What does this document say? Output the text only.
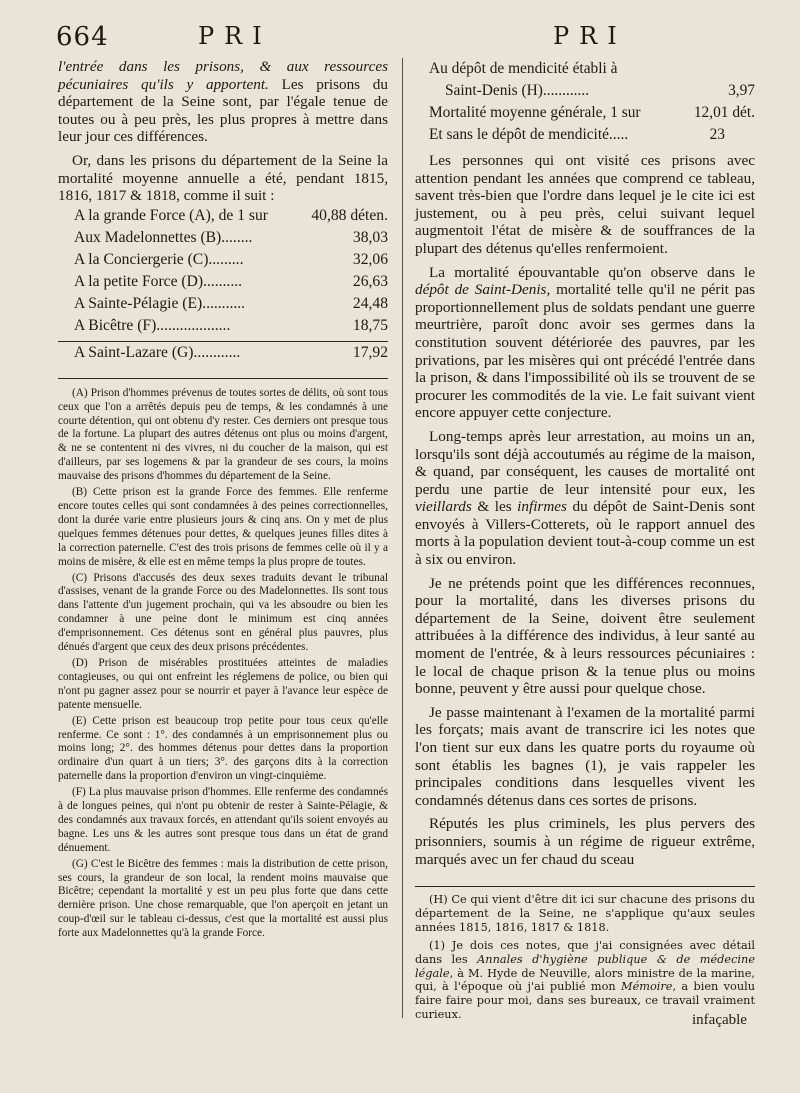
664	PRI	PRI

l'entrée dans les prisons, & aux ressources pécuniaires qu'ils y apportent. Les prisons du département de la Seine sont, par l'égale tenue de toutes ou à peu près, les plus propres à mettre dans leur jour ces différences.

Or, dans les prisons du département de la Seine la mortalité moyenne annuelle a été, pendant 1815, 1816, 1817 & 1818, comme il suit :

A la grande Force (A), de 1 sur	40,88 déten.
Aux Madelonnettes (B)........	38,03
A la Conciergerie (C).........	32,06
A la petite Force (D)..........	26,63
A Sainte-Pélagie (E)...........	24,48
A Bicêtre (F)...................	18,75
A Saint-Lazare (G)............	17,92

(A) Prison d'hommes prévenus de toutes sortes de délits, où sont tous ceux que l'on a arrêtés depuis peu de temps, & les condamnés à une courte détention, qui ont obtenu d'y rester. Ces derniers ont presque tous de la fortune. La plupart des autres détenus ont plus ou moins d'argent, & ne se contentent ni des vivres, ni du coucher de la maison, qui est d'ailleurs, par ses logemens & par la grandeur de ses cours, la moins mauvaise des prisons d'hommes du département de la Seine.

(B) Cette prison est la grande Force des femmes. Elle renferme encore toutes celles qui sont condamnées à des peines correctionnelles, dont la durée varie entre plusieurs jours & cinq ans. On y met de plus quelques femmes détenues pour dettes, & quelques jeunes filles dites à la correction paternelle. C'est des trois prisons de femmes celle où il y a moins de misère, & elle est en même temps la plus propre de toutes.

(C) Prisons d'accusés des deux sexes traduits devant le tribunal d'assises, venant de la grande Force ou des Madelonnettes. Ils sont tous dans l'attente d'un jugement prochain, qui va les absoudre ou bien les condamner à une peine dont le minimum est cinq années d'emprisonnement. Ces détenus sont en général plus pauvres, plus dénués d'argent que ceux des deux prisons précédentes.

(D) Prison de misérables prostituées atteintes de maladies contagieuses, ou qui ont enfreint les réglemens de police, ou bien qui n'ont pu gagner assez pour se nourrir et payer à l'avance leur espèce de patente mensuelle.

(E) Cette prison est beaucoup trop petite pour tous ceux qu'elle renferme. Ce sont : 1°. des condamnés à un emprisonnement plus ou moins long; 2°. des hommes détenus pour dettes dans la proportion ordinaire d'un quart à un tiers; 3°. des garçons dits à la correction paternelle dans la proportion d'environ un vingt-cinquième.

(F) La plus mauvaise prison d'hommes. Elle renferme des condamnés à de longues peines, qui n'ont pu obtenir de rester à Sainte-Pélagie, & des condamnés aux travaux forcés, en attendant qu'ils soient envoyés au bagne. Les uns & les autres sont presque tous dans un état de grand dénuement.

(G) C'est le Bicêtre des femmes : mais la distribution de cette prison, ses cours, la grandeur de son local, la rendent moins mauvaise que Bicêtre; cependant la mortalité y est un peu plus forte que dans cette dernière prison. Une chose remarquable, que l'on aperçoit en jetant un coup-d'œil sur le tableau ci-dessus, c'est que la mortalité est aussi plus forte aux Madelonnettes qu'à la grande Force.

Au dépôt de mendicité établi à
Saint-Denis (H)............	3,97
Mortalité moyenne générale, 1 sur	12,01 dét.
Et sans le dépôt de mendicité.....	23

Les personnes qui ont visité ces prisons avec attention pendant les années que comprend ce tableau, savent très-bien que l'ordre dans lequel je le cite ici est justement, ou à peu près, celui suivant lequel augmentoit l'état de misère & de souffrances de la plupart des détenus qu'elles renfermoient.

La mortalité épouvantable qu'on observe dans le dépôt de Saint-Denis, mortalité telle qu'il ne périt pas proportionnellement plus de soldats pendant une guerre meurtrière, paroît donc avoir ses germes dans la constitution souvent détériorée des pauvres, par les privations, par les misères qui ont précédé l'entrée dans la prison, & dans l'impossibilité où ils se trouvent de se procurer les commodités de la vie. Le fait suivant vient encore appuyer cette conjecture.

Long-temps après leur arrestation, au moins un an, lorsqu'ils sont déjà accoutumés au régime de la maison, & quand, par conséquent, les causes de mortalité ont perdu une partie de leur intensité pour eux, les vieillards & les infirmes du dépôt de Saint-Denis sont envoyés à Villers-Cotterets, où le rapport annuel des morts à la population devient tout-à-coup comme un est à six ou environ.

Je ne prétends point que les différences reconnues, pour la mortalité, dans les diverses prisons du département de la Seine, doivent être seulement attribuées à la différence des individus, à leur santé au moment de l'entrée, & à leurs ressources pécuniaires : le local de chaque prison & la tenue plus ou moins bonne, peuvent y être aussi pour quelque chose.

Je passe maintenant à l'examen de la mortalité parmi les forçats; mais avant de transcrire ici les notes que l'on tient sur eux dans les quatre ports du royaume où sont établis les bagnes (1), je vais rappeler les principales conditions dans lesquelles vivent les condamnés détenus dans ces sortes de prisons.

Réputés les plus criminels, les plus pervers des prisonniers, soumis à un régime de rigueur extrême, marqués avec un fer chaud du sceau

(H) Ce qui vient d'être dit ici sur chacune des prisons du département de la Seine, ne s'applique qu'aux seules années 1815, 1816, 1817 & 1818.

(1) Je dois ces notes, que j'ai consignées avec détail dans les Annales d'hygiène publique & de médecine légale, à M. Hyde de Neuville, alors ministre de la marine, qui, à l'époque où j'ai publié mon Mémoire, a bien voulu faire faire pour moi, dans ses bureaux, ce travail vraiment curieux.	infaçable
